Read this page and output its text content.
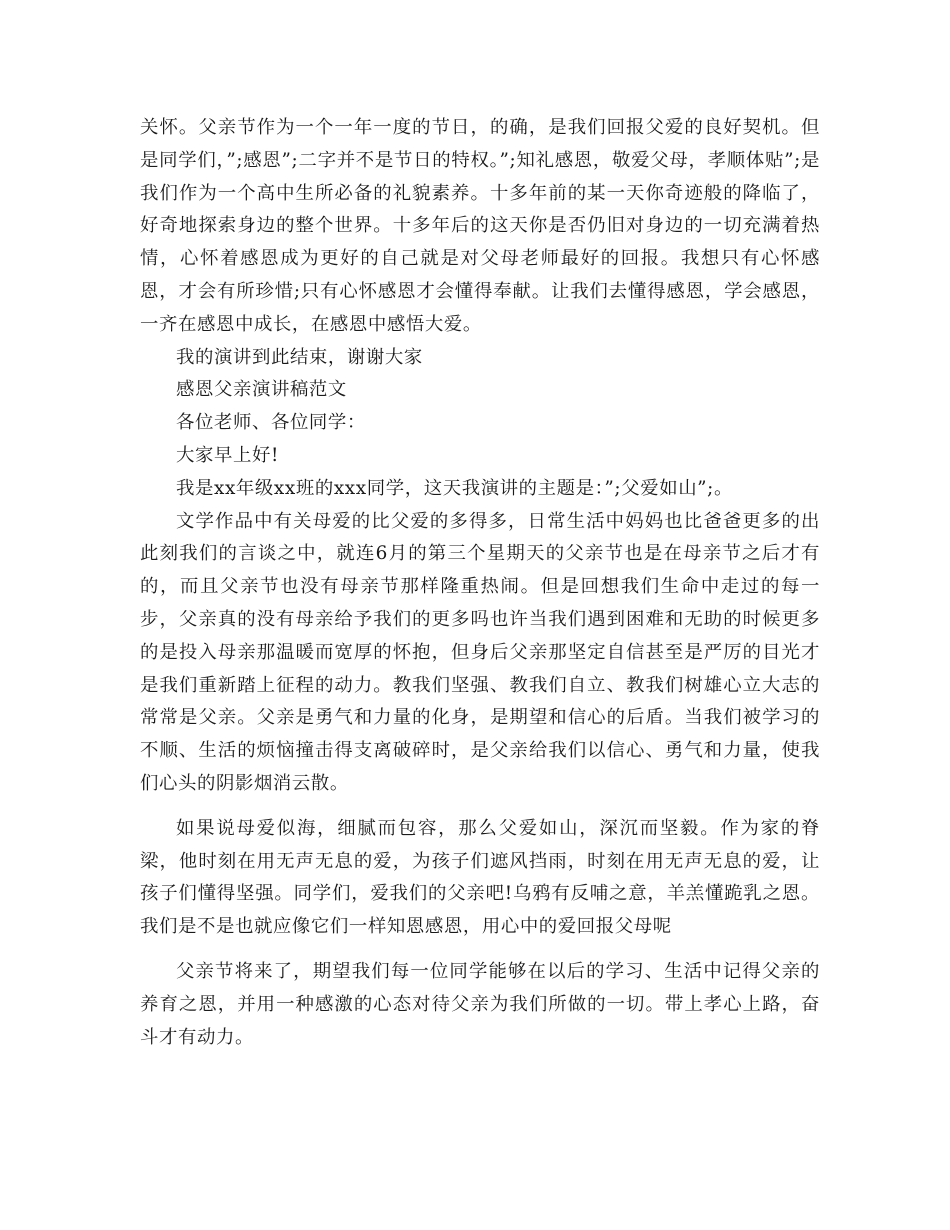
关怀。父亲节作为一个一年一度的节日，的确，是我们回报父爱的良好契机。但是同学们，”;感恩”;二字并不是节日的特权。”;知礼感恩，敬爱父母，孝顺体贴”;是我们作为一个高中生所必备的礼貌素养。十多年前的某一天你奇迹般的降临了，好奇地探索身边的整个世界。十多年后的这天你是否仍旧对身边的一切充满着热情，心怀着感恩成为更好的自己就是对父母老师最好的回报。我想只有心怀感恩，才会有所珍惜;只有心怀感恩才会懂得奉献。让我们去懂得感恩，学会感恩，一齐在感恩中成长，在感恩中感悟大爱。

我的演讲到此结束，谢谢大家

感恩父亲演讲稿范文

各位老师、各位同学：

大家早上好!

我是xx年级xx班的xxx同学，这天我演讲的主题是：”;父爱如山”;。

文学作品中有关母爱的比父爱的多得多，日常生活中妈妈也比爸爸更多的出此刻我们的言谈之中，就连6月的第三个星期天的父亲节也是在母亲节之后才有的，而且父亲节也没有母亲节那样隆重热闹。但是回想我们生命中走过的每一步，父亲真的没有母亲给予我们的更多吗也许当我们遇到困难和无助的时候更多的是投入母亲那温暖而宽厚的怀抱，但身后父亲那坚定自信甚至是严厉的目光才是我们重新踏上征程的动力。教我们坚强、教我们自立、教我们树雄心立大志的常常是父亲。父亲是勇气和力量的化身，是期望和信心的后盾。当我们被学习的不顺、生活的烦恼撞击得支离破碎时，是父亲给我们以信心、勇气和力量，使我们心头的阴影烟消云散。

如果说母爱似海，细腻而包容，那么父爱如山，深沉而坚毅。作为家的脊梁，他时刻在用无声无息的爱，为孩子们遮风挡雨，时刻在用无声无息的爱，让孩子们懂得坚强。同学们，爱我们的父亲吧!乌鸦有反哺之意，羊羔懂跪乳之恩。我们是不是也就应像它们一样知恩感恩，用心中的爱回报父母呢

父亲节将来了，期望我们每一位同学能够在以后的学习、生活中记得父亲的养育之恩，并用一种感激的心态对待父亲为我们所做的一切。带上孝心上路，奋斗才有动力。
